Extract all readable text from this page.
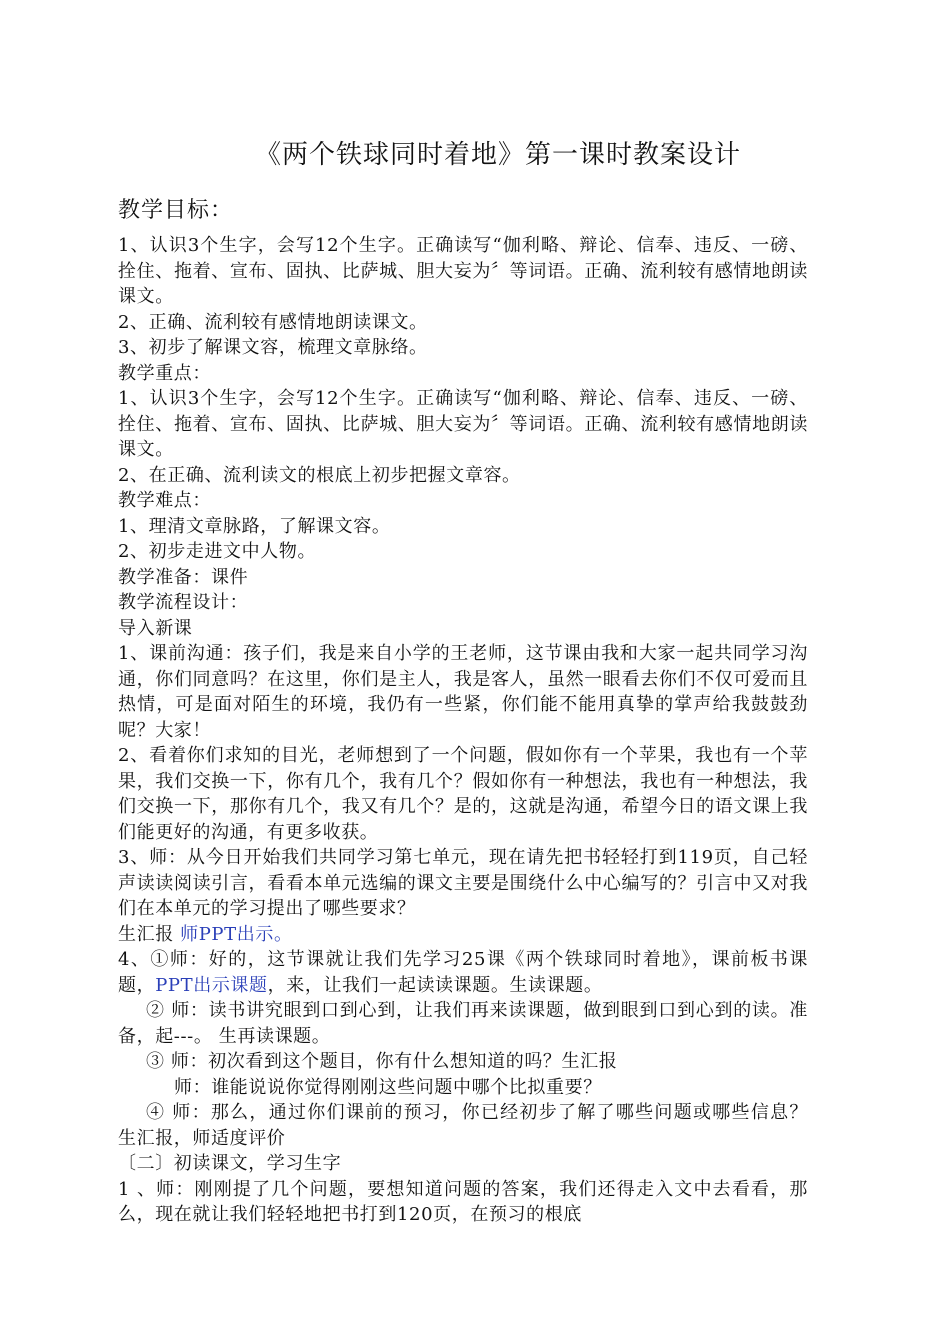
《两个铁球同时着地》第一课时教案设计
教学目标：

1、认识3个生字，会写12个生字。正确读写“伽利略、辩论、信奉、违反、一磅、拴住、拖着、宣布、固执、比萨城、胆大妄为〞等词语。正确、流利较有感情地朗读课文。

2、正确、流利较有感情地朗读课文。

3、初步了解课文容，梳理文章脉络。

教学重点：

1、认识3个生字，会写12个生字。正确读写“伽利略、辩论、信奉、违反、一磅、拴住、拖着、宣布、固执、比萨城、胆大妄为〞等词语。正确、流利较有感情地朗读课文。

2、在正确、流利读文的根底上初步把握文章容。

教学难点：

1、理清文章脉路，了解课文容。

2、初步走进文中人物。

教学准备：课件

教学流程设计：

导入新课

1、课前沟通：孩子们，我是来自小学的王老师，这节课由我和大家一起共同学习沟通，你们同意吗？在这里，你们是主人，我是客人，虽然一眼看去你们不仅可爱而且热情，可是面对陌生的环境，我仍有一些紧，你们能不能用真挚的掌声给我鼓鼓劲呢？大家！

2、看着你们求知的目光，老师想到了一个问题，假如你有一个苹果，我也有一个苹果，我们交换一下，你有几个，我有几个？假如你有一种想法，我也有一种想法，我们交换一下，那你有几个，我又有几个？是的，这就是沟通，希望今日的语文课上我们能更好的沟通，有更多收获。

3、师：从今日开始我们共同学习第七单元，现在请先把书轻轻打到119页，自己轻声读读阅读引言，看看本单元选编的课文主要是围绕什么中心编写的？引言中又对我们在本单元的学习提出了哪些要求？

生汇报 师PPT出示。

4、①师：好的，这节课就让我们先学习25课《两个铁球同时着地》，课前板书课题，PPT出示课题，来，让我们一起读读课题。生读课题。

② 师：读书讲究眼到口到心到，让我们再来读课题，做到眼到口到心到的读。准备，起---。 生再读课题。

③ 师：初次看到这个题目，你有什么想知道的吗？生汇报

师：谁能说说你觉得刚刚这些问题中哪个比拟重要？

④ 师：那么，通过你们课前的预习，你已经初步了解了哪些问题或哪些信息？ 生汇报，师适度评价

〔二〕初读课文，学习生字

1 、师：刚刚提了几个问题，要想知道问题的答案，我们还得走入文中去看看，那么，现在就让我们轻轻地把书打到120页，在预习的根底
